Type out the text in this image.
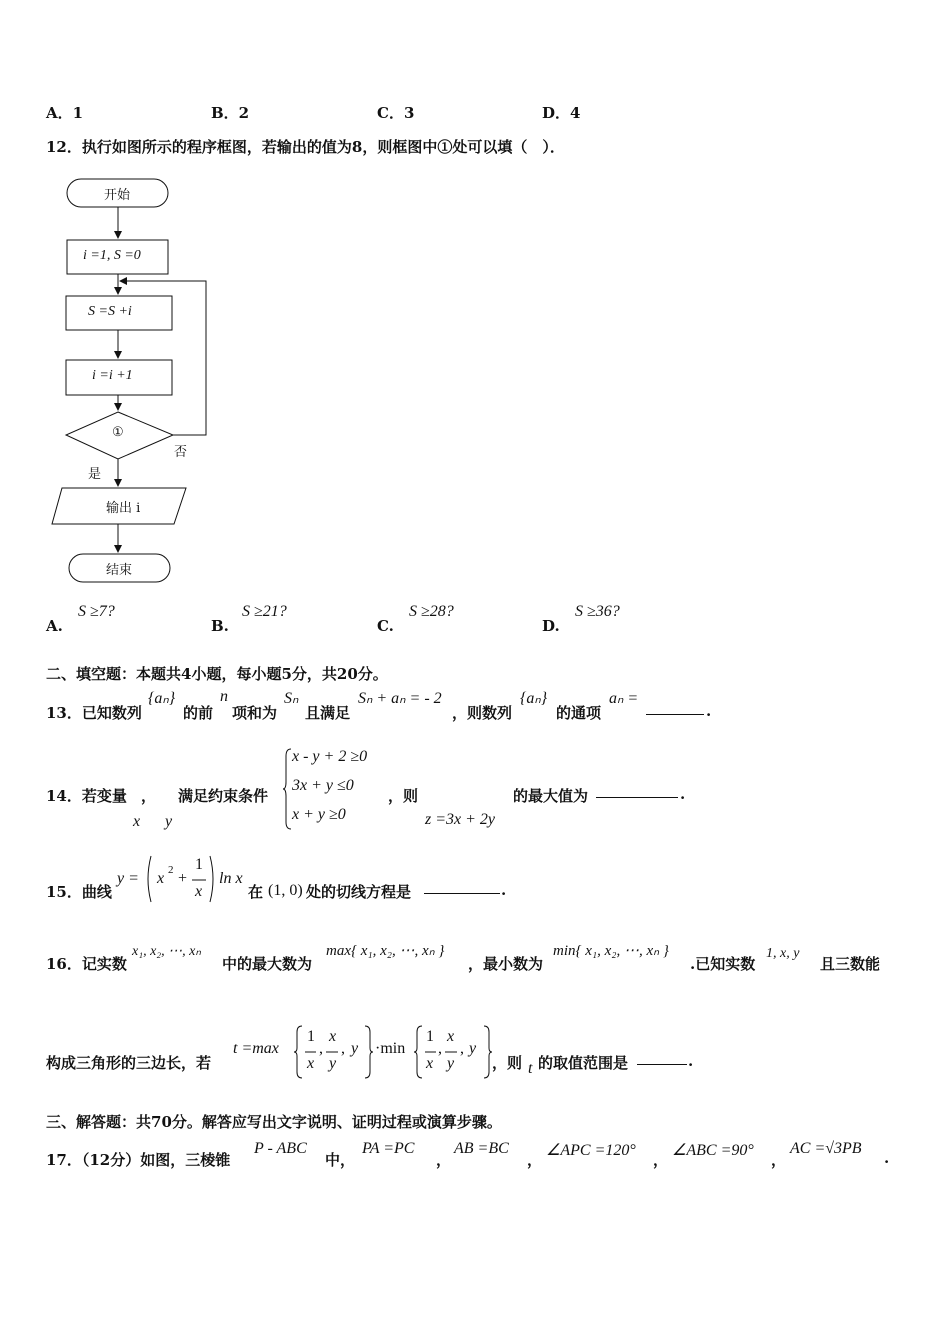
A．1	B．2	C．3	D．4
12．执行如图所示的程序框图，若输出的值为8，则框图中①处可以填（　）．
开始
i =1, S =0
S =S +i
i =i +1
①
否
是
输出 i
结束
A.
S ≥7?
B.
S ≥21?
C.
S ≥28?
D.
S ≥36?
二、填空题：本题共4小题，每小题5分，共20分。
13．已知数列
{aₙ}
的前
n
项和为
Sₙ
且满足
Sₙ + aₙ = - 2
，则数列
{aₙ}
的通项
aₙ =
.
14．若变量 ， 满足约束条件
x y
x - y + 2 ≥0
3x + y ≤0
x + y ≥0
，则
z =3x + 2y
的最大值为	.
15．曲线
y = x 2 +
1
x
ln x
在 (1, 0) 处的切线方程是	.
16．记实数
x₁, x₂, ⋯, xₙ
中的最大数为
max{ x₁, x₂, ⋯, xₙ }
，最小数为
min{ x₁, x₂, ⋯, xₙ }
.已知实数
1, x, y
且三数能
构成三角形的三边长，若
t =max
1
x
,
x
y
, y ·min
1
x
,
x
y
, y
，则 t 的取值范围是	.
三、解答题：共70分。解答应写出文字说明、证明过程或演算步骤。
17．（12分）如图，三棱锥
P - ABC
中，
PA =PC
，
AB =BC
，
∠APC =120°
，
∠ABC =90°
，
AC =√3PB
.
